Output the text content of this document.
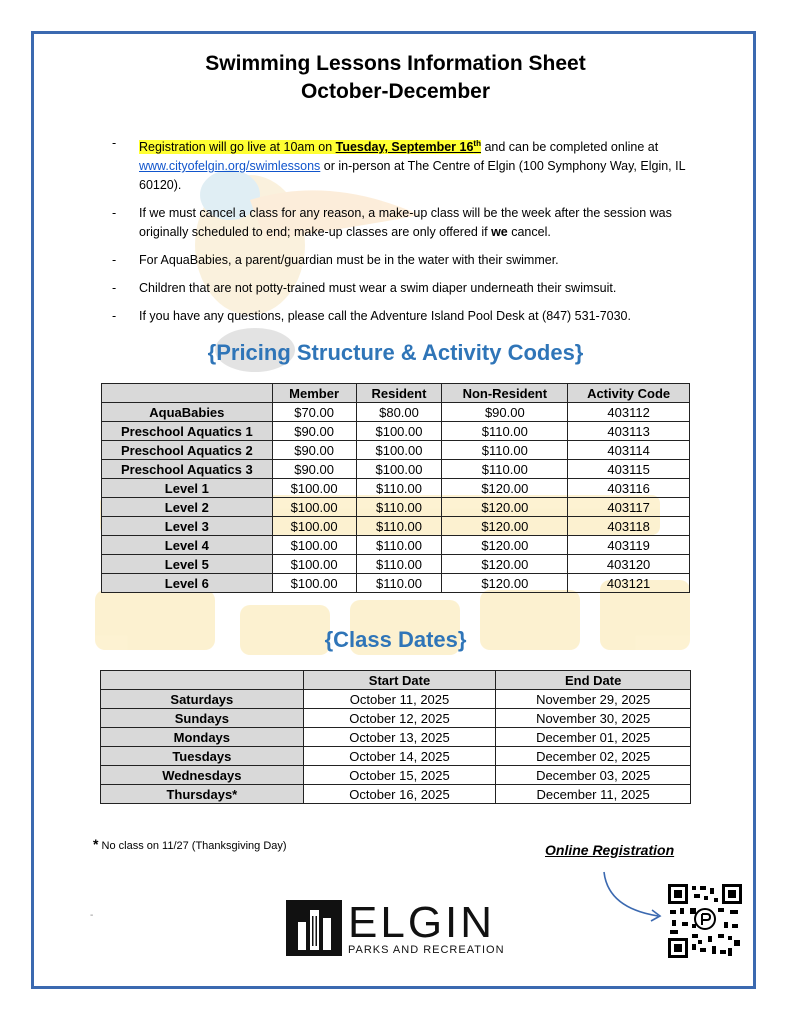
Swimming Lessons Information Sheet
October-December
- Registration will go live at 10am on Tuesday, September 16th and can be completed online at www.cityofelgin.org/swimlessons or in-person at The Centre of Elgin (100 Symphony Way, Elgin, IL 60120).
- If we must cancel a class for any reason, a make-up class will be the week after the session was originally scheduled to end; make-up classes are only offered if we cancel.
- For AquaBabies, a parent/guardian must be in the water with their swimmer.
- Children that are not potty-trained must wear a swim diaper underneath their swimsuit.
- If you have any questions, please call the Adventure Island Pool Desk at (847) 531-7030.
{Pricing Structure & Activity Codes}
	Member	Resident	Non-Resident	Activity Code
AquaBabies	$70.00	$80.00	$90.00	403112
Preschool Aquatics 1	$90.00	$100.00	$110.00	403113
Preschool Aquatics 2	$90.00	$100.00	$110.00	403114
Preschool Aquatics 3	$90.00	$100.00	$110.00	403115
Level 1	$100.00	$110.00	$120.00	403116
Level 2	$100.00	$110.00	$120.00	403117
Level 3	$100.00	$110.00	$120.00	403118
Level 4	$100.00	$110.00	$120.00	403119
Level 5	$100.00	$110.00	$120.00	403120
Level 6	$100.00	$110.00	$120.00	403121
{Class Dates}
	Start Date	End Date
Saturdays	October 11, 2025	November 29, 2025
Sundays	October 12, 2025	November 30, 2025
Mondays	October 13, 2025	December 01, 2025
Tuesdays	October 14, 2025	December 02, 2025
Wednesdays	October 15, 2025	December 03, 2025
Thursdays*	October 16, 2025	December 11, 2025
* No class on 11/27 (Thanksgiving Day)	Online Registration
ELGIN
PARKS AND RECREATION
-
